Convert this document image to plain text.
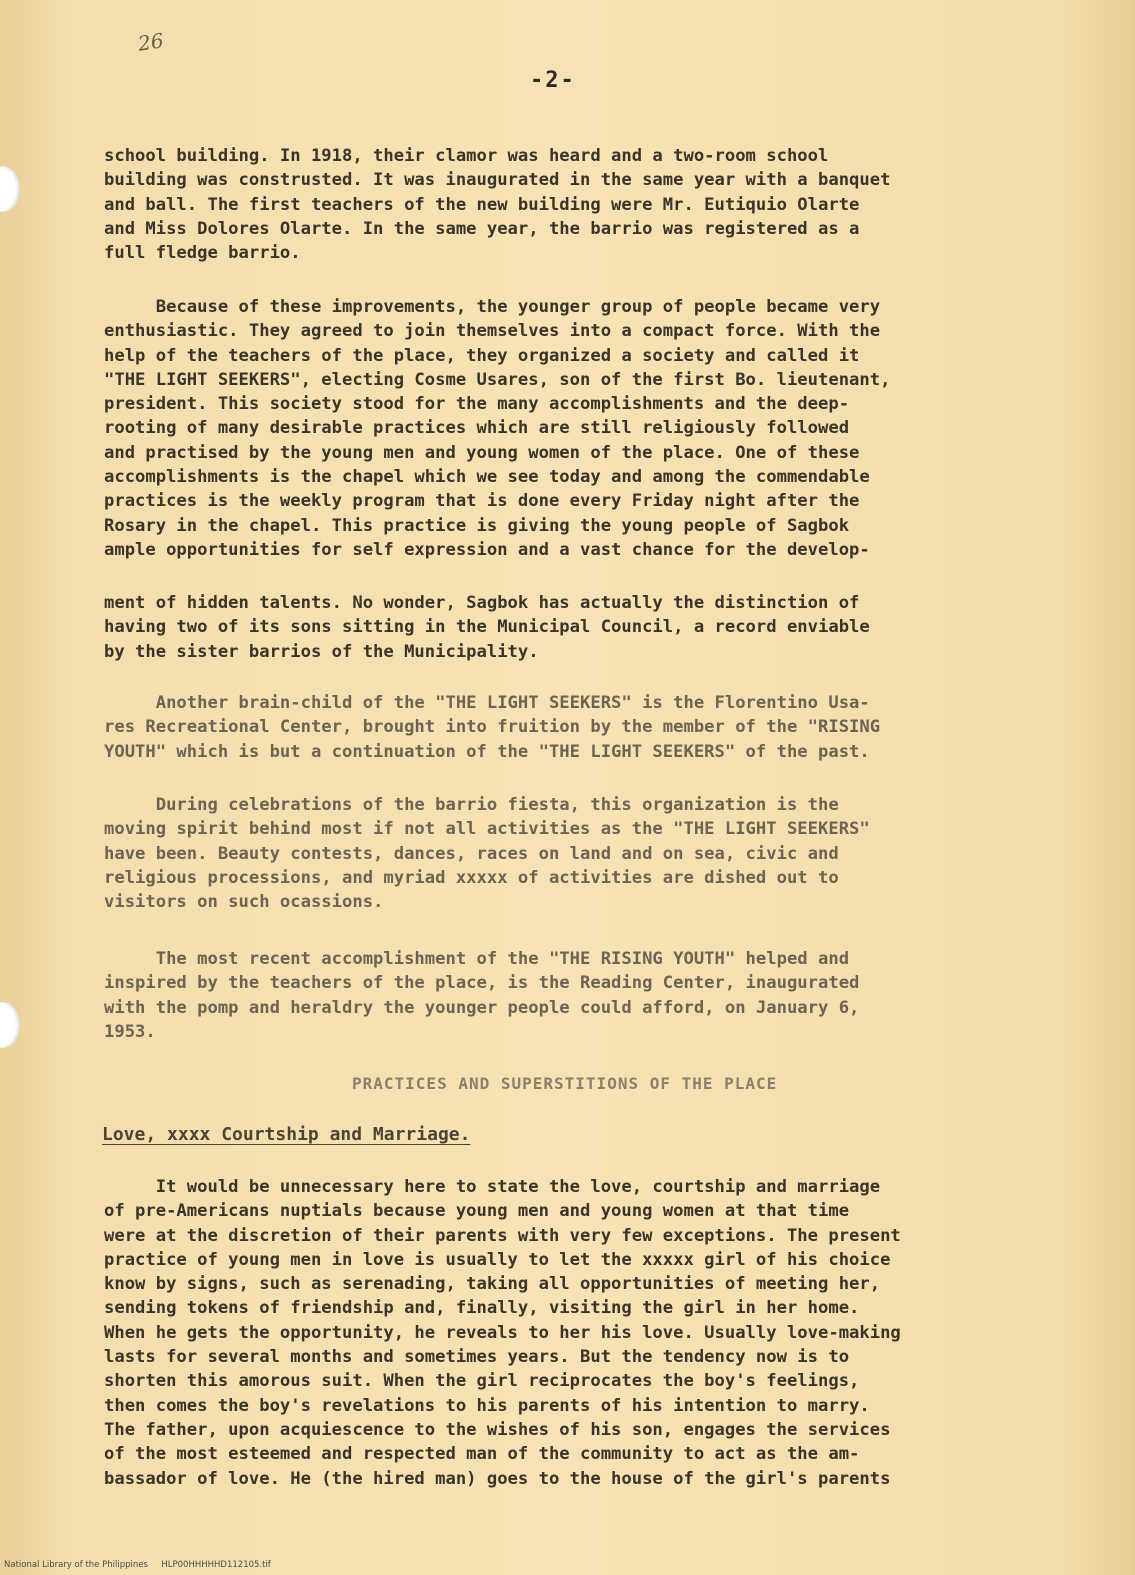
26
-2-

school building. In 1918, their clamor was heard and a two-room school
building was construsted. It was inaugurated in the same year with a banquet
and ball. The first teachers of the new building were Mr. Eutiquio Olarte
and Miss Dolores Olarte. In the same year, the barrio was registered as a
full fledge barrio.

Because of these improvements, the younger group of people became very
enthusiastic. They agreed to join themselves into a compact force. With the
help of the teachers of the place, they organized a society and called it
"THE LIGHT SEEKERS", electing Cosme Usares, son of the first Bo. lieutenant,
president. This society stood for the many accomplishments and the deep-
rooting of many desirable practices which are still religiously followed
and practised by the young men and young women of the place. One of these
accomplishments is the chapel which we see today and among the commendable
practices is the weekly program that is done every Friday night after the
Rosary in the chapel. This practice is giving the young people of Sagbok
ample opportunities for self expression and a vast chance for the develop-

ment of hidden talents. No wonder, Sagbok has actually the distinction of
having two of its sons sitting in the Municipal Council, a record enviable
by the sister barrios of the Municipality.

Another brain-child of the "THE LIGHT SEEKERS" is the Florentino Usa-
res Recreational Center, brought into fruition by the member of the "RISING
YOUTH" which is but a continuation of the "THE LIGHT SEEKERS" of the past.

During celebrations of the barrio fiesta, this organization is the
moving spirit behind most if not all activities as the "THE LIGHT SEEKERS"
have been. Beauty contests, dances, races on land and on sea, civic and
religious processions, and myriad xxxxx of activities are dished out to
visitors on such ocassions.

The most recent accomplishment of the "THE RISING YOUTH" helped and
inspired by the teachers of the place, is the Reading Center, inaugurated
with the pomp and heraldry the younger people could afford, on January 6,
1953.

PRACTICES AND SUPERSTITIONS OF THE PLACE
Love, xxxx Courtship and Marriage.

It would be unnecessary here to state the love, courtship and marriage
of pre-Americans nuptials because young men and young women at that time
were at the discretion of their parents with very few exceptions. The present
practice of young men in love is usually to let the xxxxx girl of his choice
know by signs, such as serenading, taking all opportunities of meeting her,
sending tokens of friendship and, finally, visiting the girl in her home.
When he gets the opportunity, he reveals to her his love. Usually love-making
lasts for several months and sometimes years. But the tendency now is to
shorten this amorous suit. When the girl reciprocates the boy's feelings,
then comes the boy's revelations to his parents of his intention to marry.
The father, upon acquiescence to the wishes of his son, engages the services
of the most esteemed and respected man of the community to act as the am-
bassador of love. He (the hired man) goes to the house of the girl's parents

National Library of the Philippines     HLP00HHHHHD112105.tif
